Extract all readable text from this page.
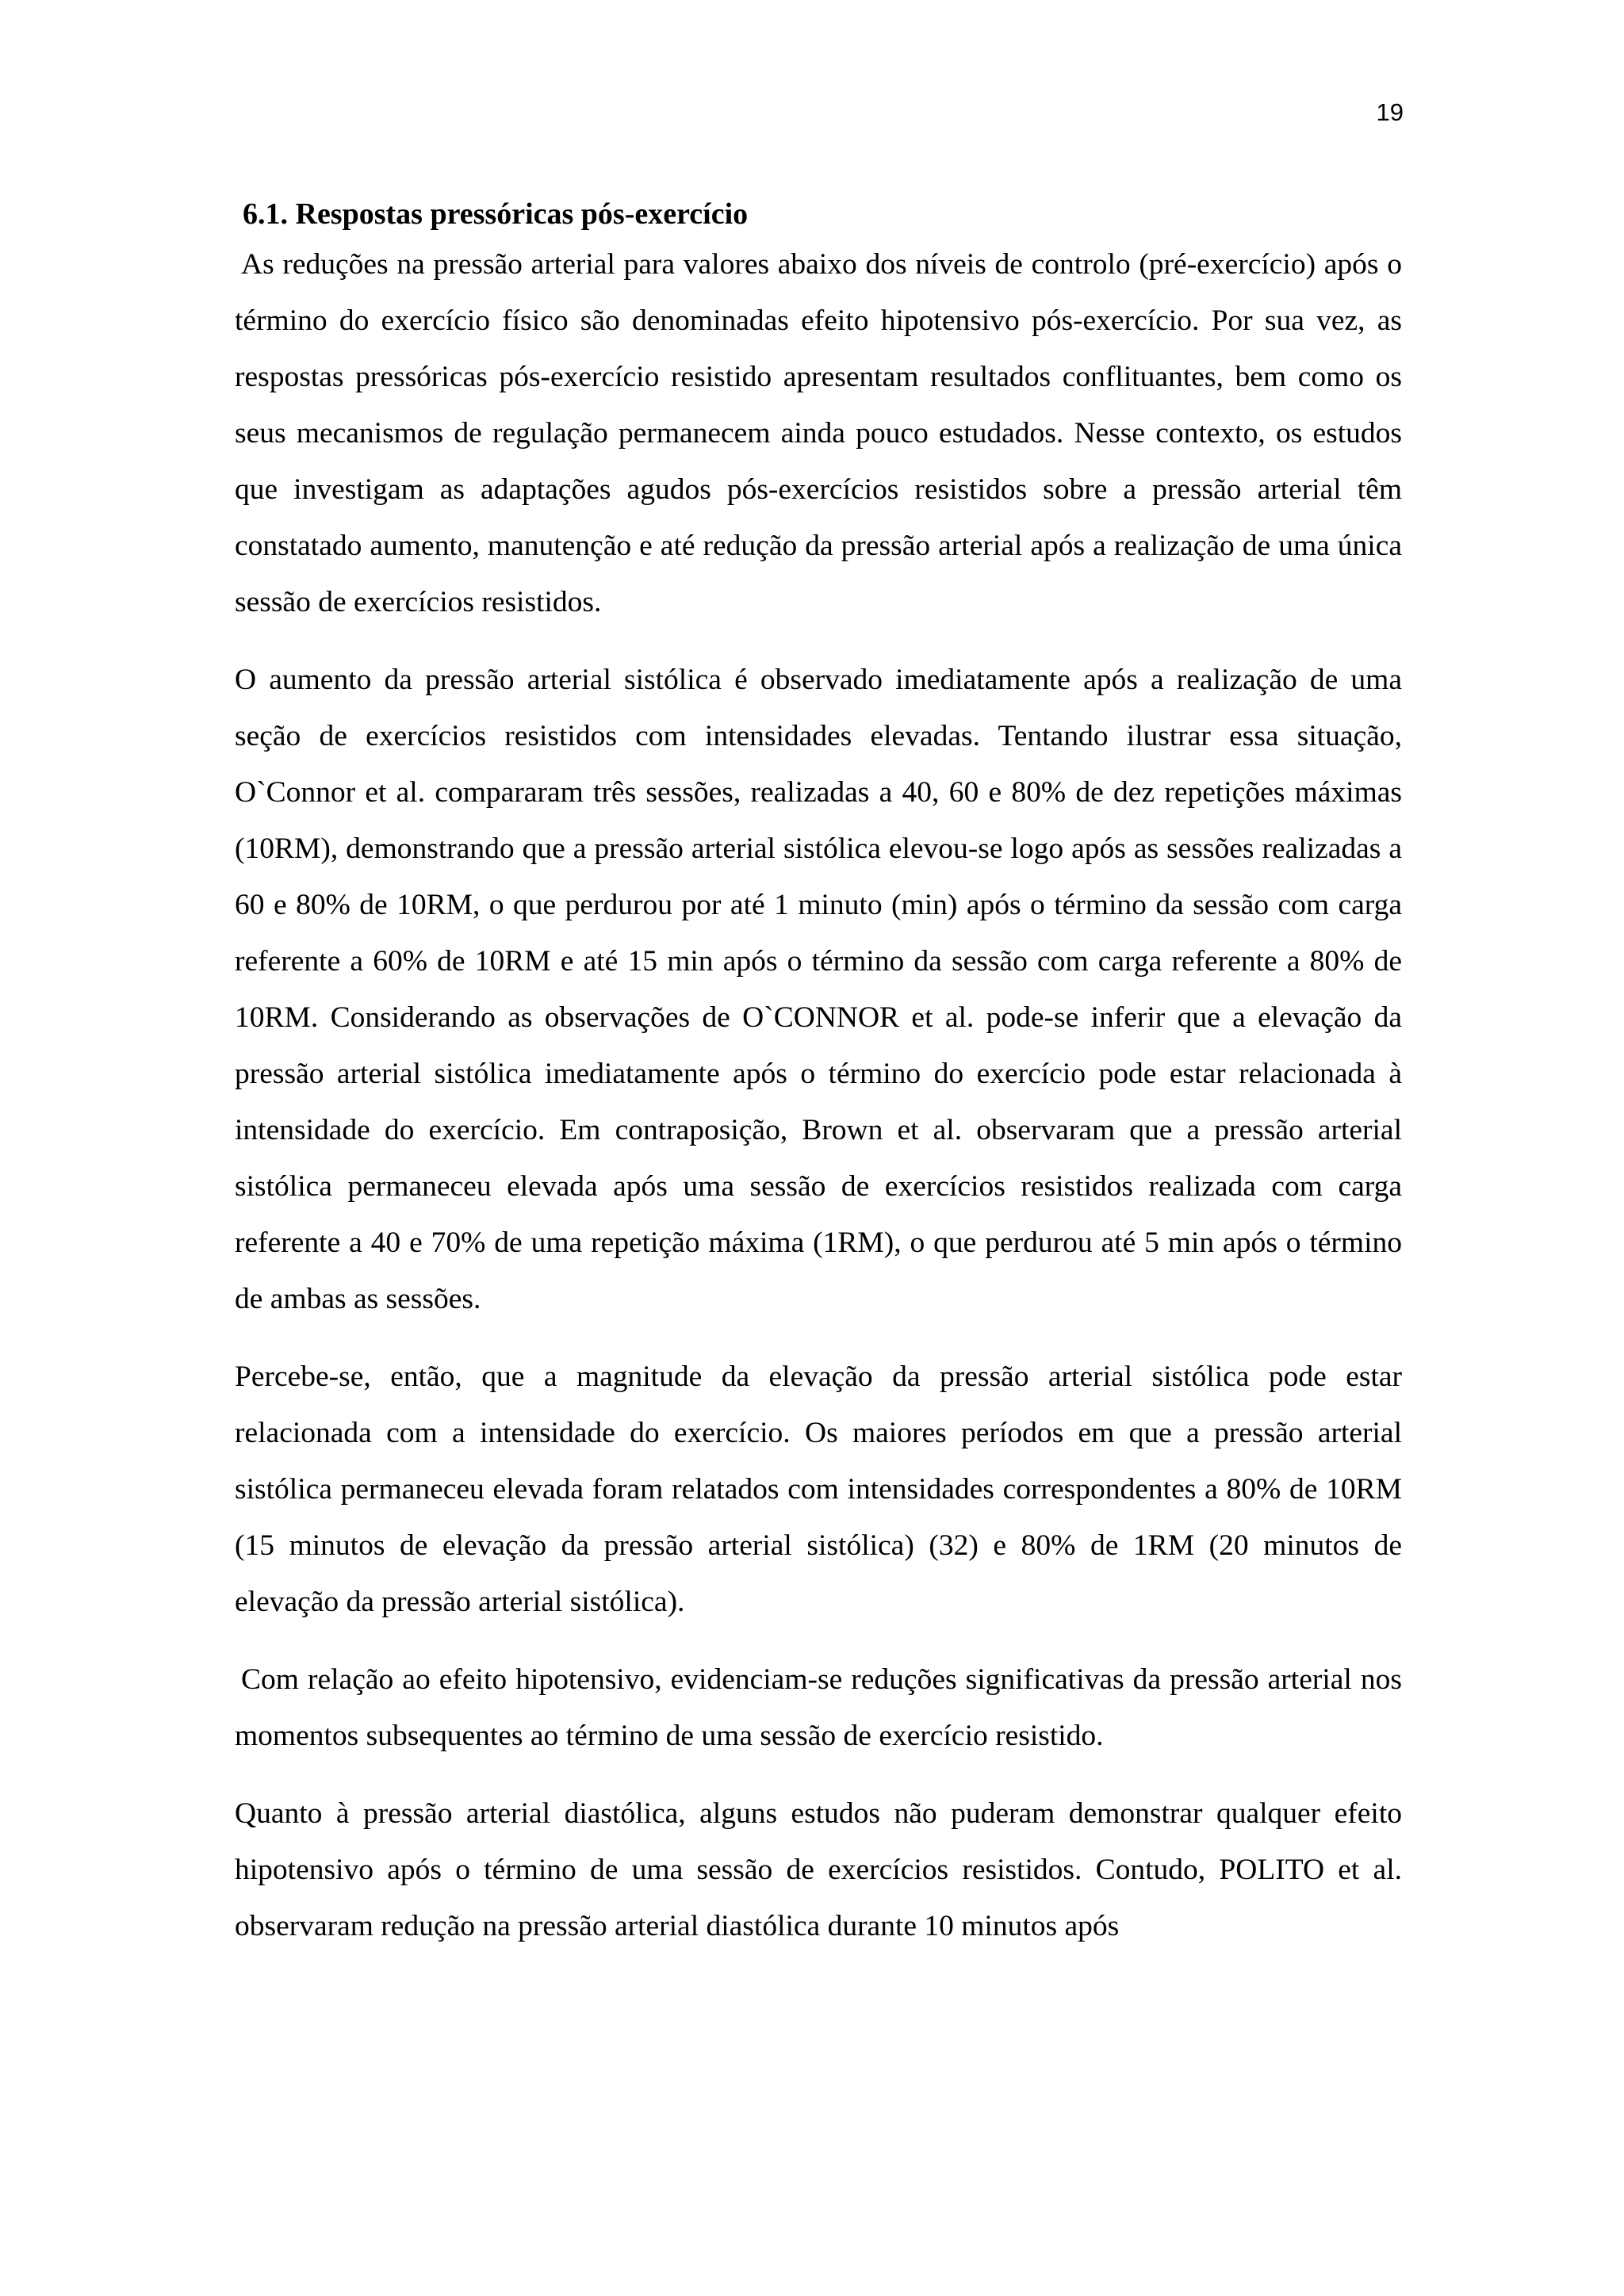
19
6.1. Respostas pressóricas pós-exercício

As reduções na pressão arterial para valores abaixo dos níveis de controlo (pré-exercício) após o término do exercício físico são denominadas efeito hipotensivo pós-exercício. Por sua vez, as respostas pressóricas pós-exercício resistido apresentam resultados conflituantes, bem como os seus mecanismos de regulação permanecem ainda pouco estudados. Nesse contexto, os estudos que investigam as adaptações agudos pós-exercícios resistidos sobre a pressão arterial têm constatado aumento, manutenção e até redução da pressão arterial após a realização de uma única sessão de exercícios resistidos.

O aumento da pressão arterial sistólica é observado imediatamente após a realização de uma seção de exercícios resistidos com intensidades elevadas. Tentando ilustrar essa situação, O`Connor et al. compararam três sessões, realizadas a 40, 60 e 80% de dez repetições máximas (10RM), demonstrando que a pressão arterial sistólica elevou-se logo após as sessões realizadas a 60 e 80% de 10RM, o que perdurou por até 1 minuto (min) após o término da sessão com carga referente a 60% de 10RM e até 15 min após o término da sessão com carga referente a 80% de 10RM. Considerando as observações de O`CONNOR et al. pode-se inferir que a elevação da pressão arterial sistólica imediatamente após o término do exercício pode estar relacionada à intensidade do exercício. Em contraposição, Brown et al. observaram que a pressão arterial sistólica permaneceu elevada após uma sessão de exercícios resistidos realizada com carga referente a 40 e 70% de uma repetição máxima (1RM), o que perdurou até 5 min após o término de ambas as sessões.

Percebe-se, então, que a magnitude da elevação da pressão arterial sistólica pode estar relacionada com a intensidade do exercício. Os maiores períodos em que a pressão arterial sistólica permaneceu elevada foram relatados com intensidades correspondentes a 80% de 10RM (15 minutos de elevação da pressão arterial sistólica) (32) e 80% de 1RM (20 minutos de elevação da pressão arterial sistólica).

Com relação ao efeito hipotensivo, evidenciam-se reduções significativas da pressão arterial nos momentos subsequentes ao término de uma sessão de exercício resistido.

Quanto à pressão arterial diastólica, alguns estudos não puderam demonstrar qualquer efeito hipotensivo após o término de uma sessão de exercícios resistidos. Contudo, POLITO et al. observaram redução na pressão arterial diastólica durante 10 minutos após
